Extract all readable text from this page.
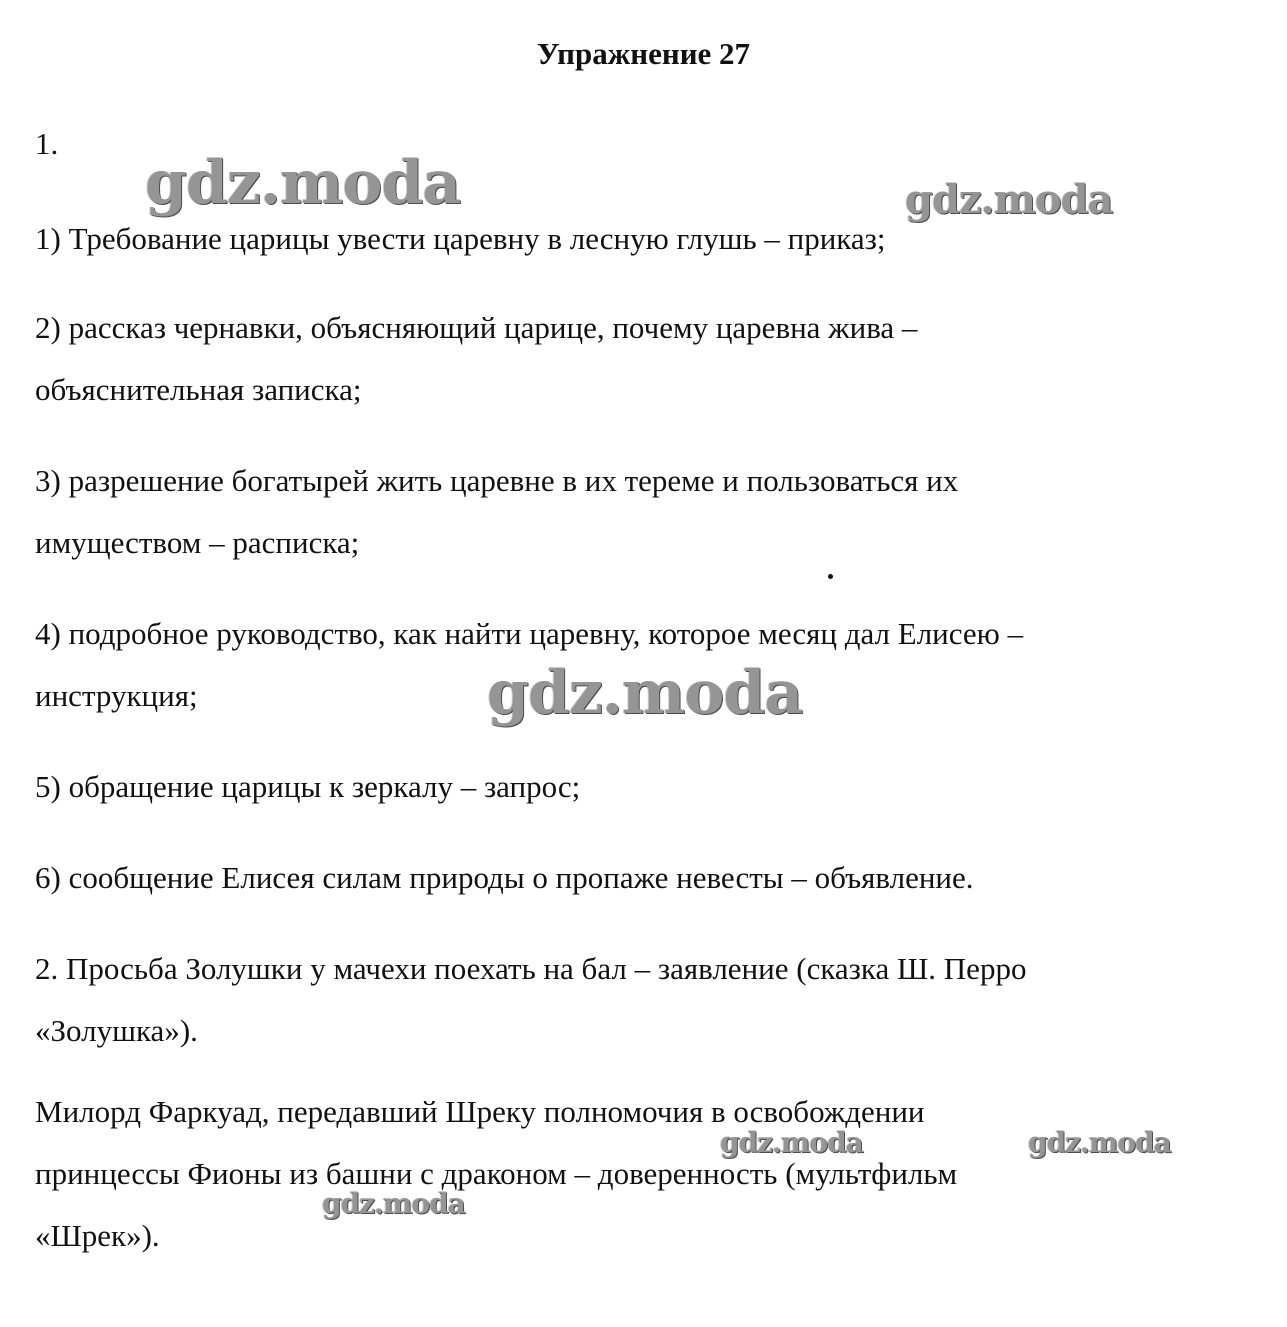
Упражнение 27
1.
1) Требование царицы увести царевну в лесную глушь – приказ;
2) рассказ чернавки, объясняющий царице, почему царевна жива –
объяснительная записка;
3) разрешение богатырей жить царевне в их тереме и пользоваться их
имуществом – расписка;
4) подробное руководство, как найти царевну, которое месяц дал Елисею –
инструкция;
5) обращение царицы к зеркалу – запрос;
6) сообщение Елисея силам природы о пропаже невесты – объявление.
2. Просьба Золушки у мачехи поехать на бал – заявление (сказка Ш. Перро
«Золушка»).
Милорд Фаркуад, передавший Шреку полномочия в освобождении
принцессы Фионы из башни с драконом – доверенность (мультфильм
«Шрек»).
gdz.moda	gdz.moda
gdz.moda
gdz.moda	gdz.moda
gdz.moda
